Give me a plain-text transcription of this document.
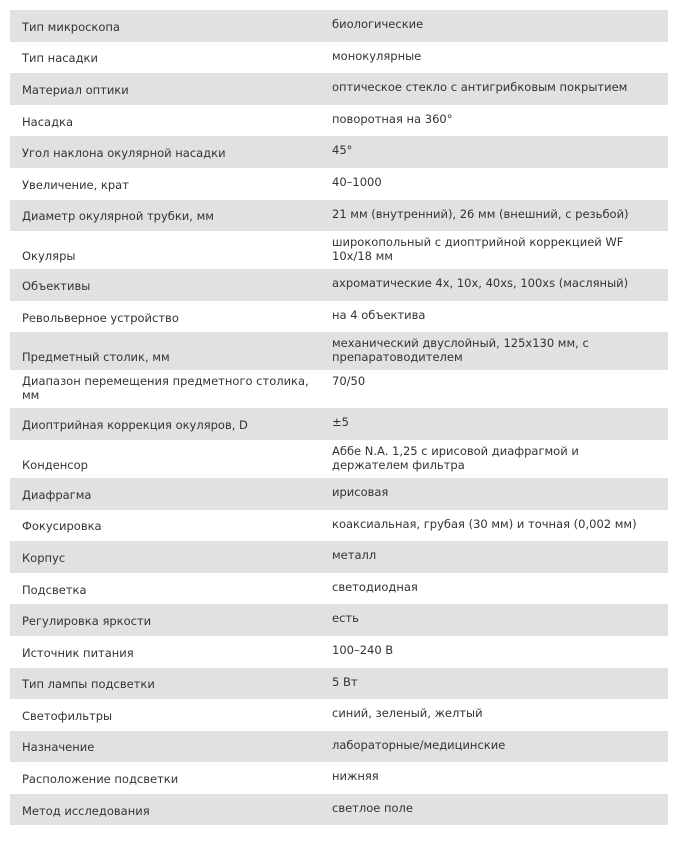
Тип микроскопа	биологические
Тип насадки	монокулярные
Материал оптики	оптическое стекло с антигрибковым покрытием
Насадка	поворотная на 360°
Угол наклона окулярной насадки	45°
Увеличение, крат	40–1000
Диаметр окулярной трубки, мм	21 мм (внутренний), 26 мм (внешний, с резьбой)
Окуляры	широкопольный с диоптрийной коррекцией WF 10x/18 мм
Объективы	ахроматические 4x, 10x, 40xs, 100xs (масляный)
Револьверное устройство	на 4 объектива
Предметный столик, мм	механический двуслойный, 125x130 мм, с препаратоводителем
Диапазон перемещения предметного столика, мм	70/50
Диоптрийная коррекция окуляров, D	±5
Конденсор	Аббе N.A. 1,25 с ирисовой диафрагмой и держателем фильтра
Диафрагма	ирисовая
Фокусировка	коаксиальная, грубая (30 мм) и точная (0,002 мм)
Корпус	металл
Подсветка	светодиодная
Регулировка яркости	есть
Источник питания	100–240 В
Тип лампы подсветки	5 Вт
Светофильтры	синий, зеленый, желтый
Назначение	лабораторные/медицинские
Расположение подсветки	нижняя
Метод исследования	светлое поле
